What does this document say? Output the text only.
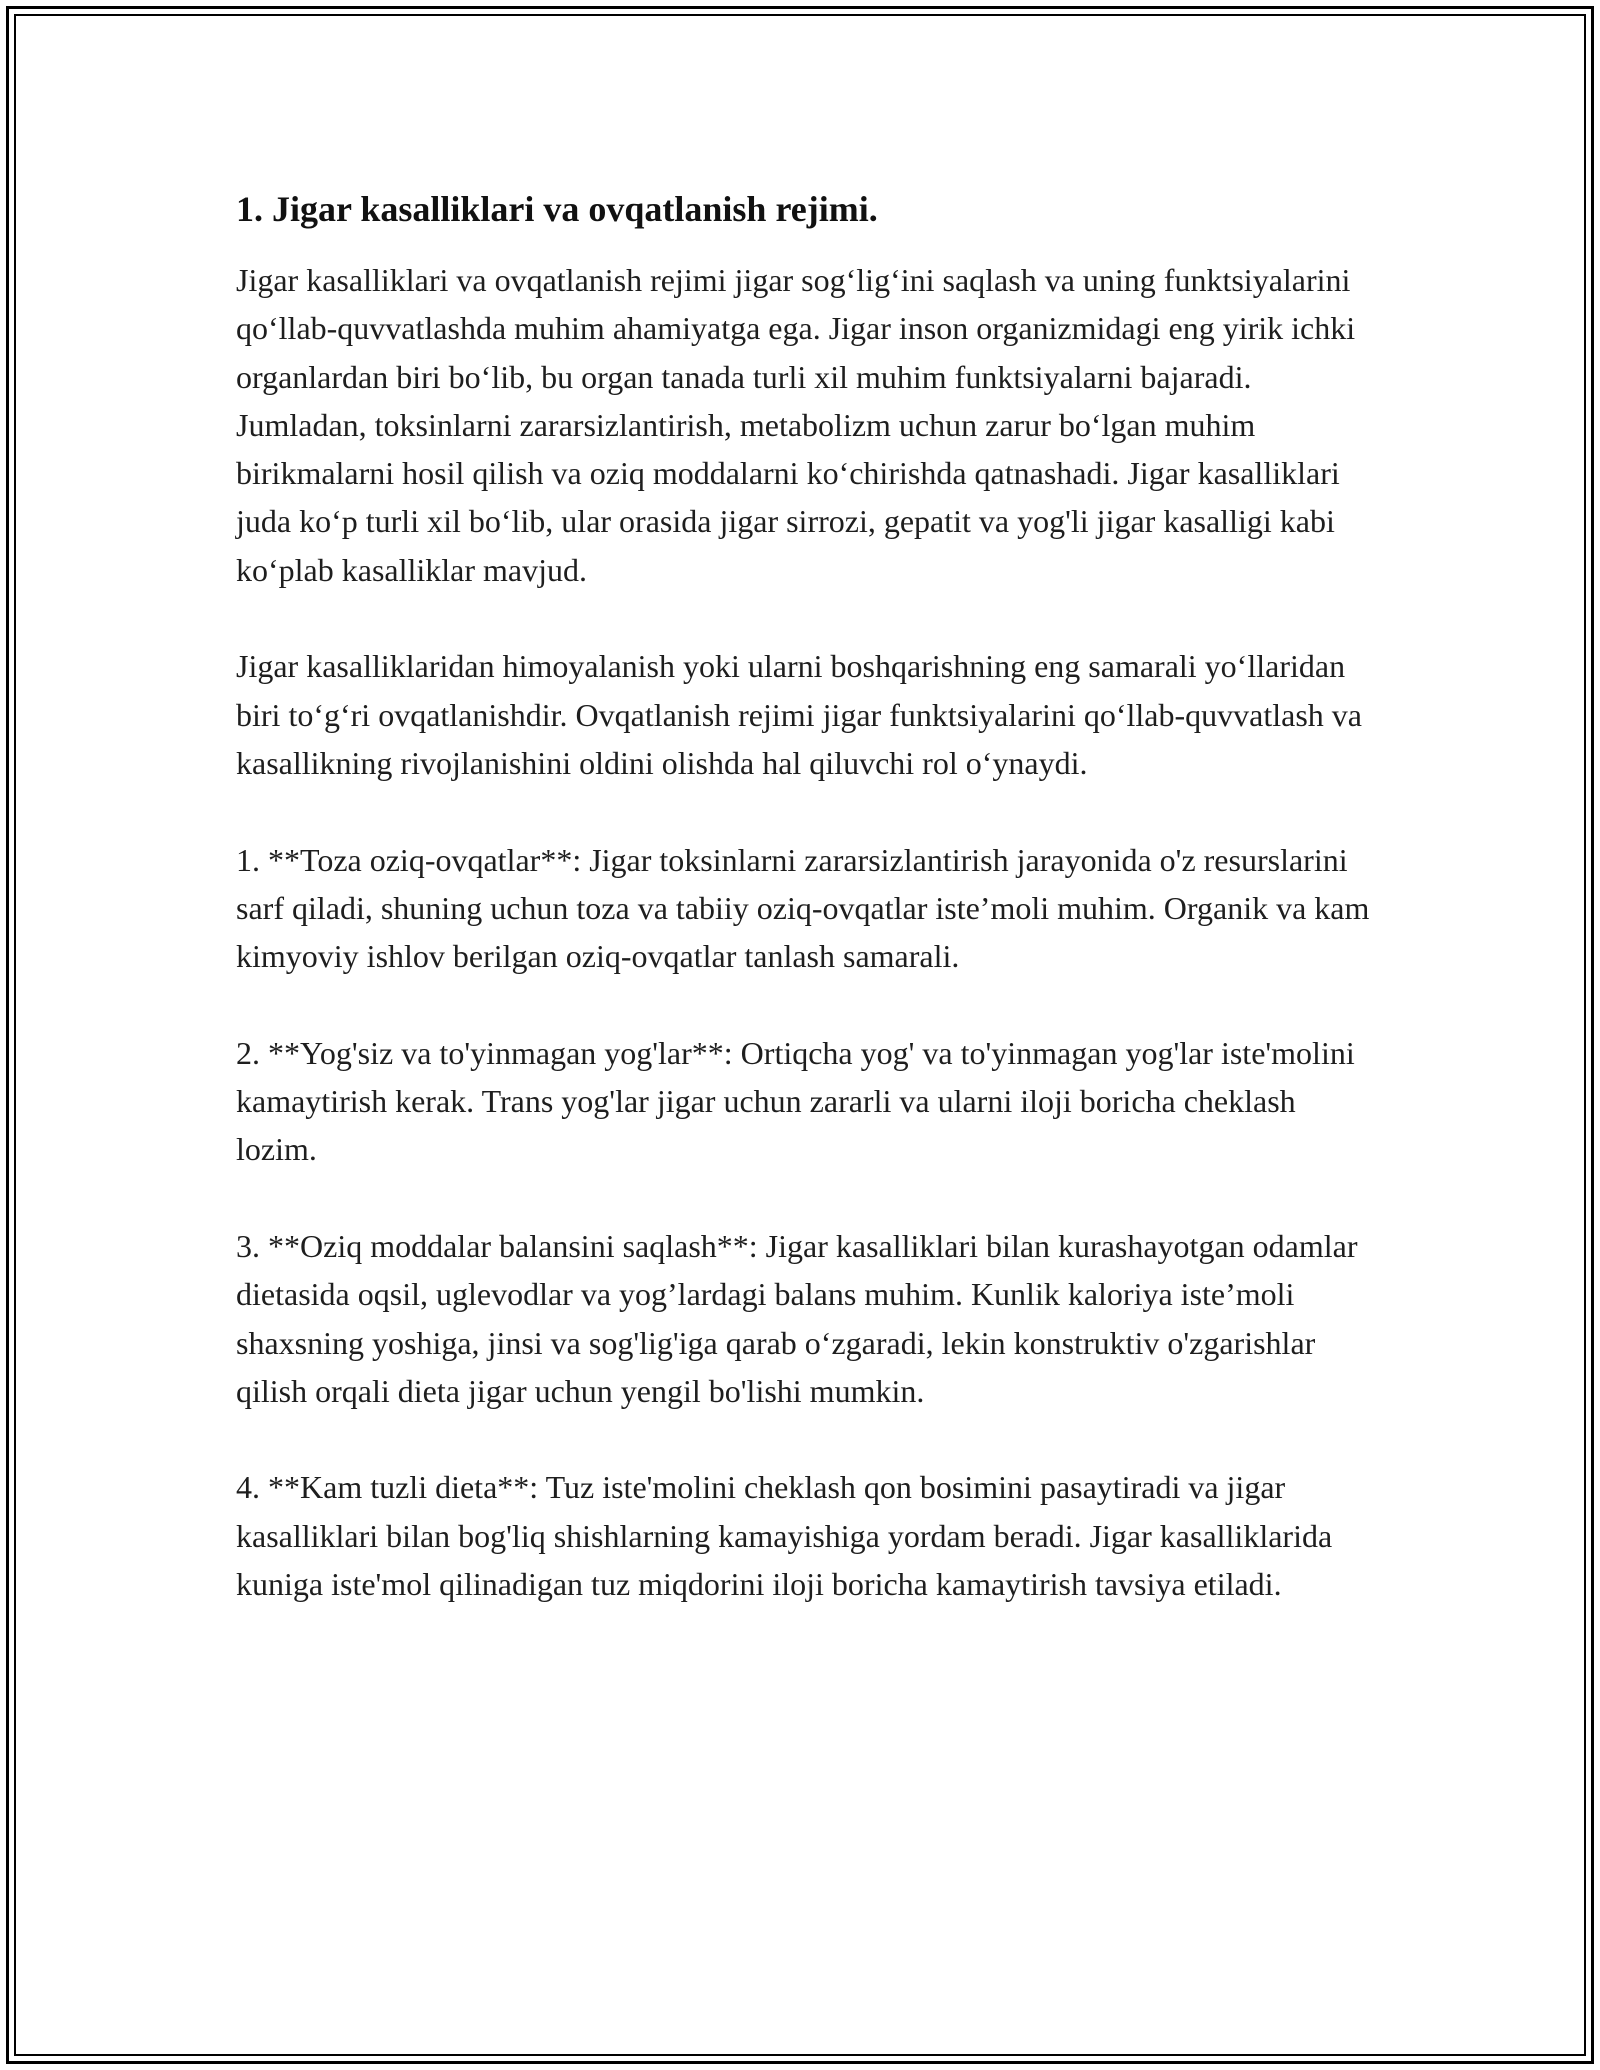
1. Jigar kasalliklari va ovqatlanish rejimi.

Jigar kasalliklari va ovqatlanish rejimi jigar sog‘lig‘ini saqlash va uning funktsiyalarini qo‘llab-quvvatlashda muhim ahamiyatga ega. Jigar inson organizmidagi eng yirik ichki organlardan biri bo‘lib, bu organ tanada turli xil muhim funktsiyalarni bajaradi. Jumladan, toksinlarni zararsizlantirish, metabolizm uchun zarur bo‘lgan muhim birikmalarni hosil qilish va oziq moddalarni ko‘chirishda qatnashadi. Jigar kasalliklari juda ko‘p turli xil bo‘lib, ular orasida jigar sirrozi, gepatit va yog'li jigar kasalligi kabi ko‘plab kasalliklar mavjud.

Jigar kasalliklaridan himoyalanish yoki ularni boshqarishning eng samarali yo‘llaridan biri to‘g‘ri ovqatlanishdir. Ovqatlanish rejimi jigar funktsiyalarini qo‘llab-quvvatlash va kasallikning rivojlanishini oldini olishda hal qiluvchi rol o‘ynaydi.

1. **Toza oziq-ovqatlar**: Jigar toksinlarni zararsizlantirish jarayonida o'z resurslarini sarf qiladi, shuning uchun toza va tabiiy oziq-ovqatlar iste’moli muhim. Organik va kam kimyoviy ishlov berilgan oziq-ovqatlar tanlash samarali.

2. **Yog'siz va to'yinmagan yog'lar**: Ortiqcha yog' va to'yinmagan yog'lar iste'molini kamaytirish kerak. Trans yog'lar jigar uchun zararli va ularni iloji boricha cheklash lozim.

3. **Oziq moddalar balansini saqlash**: Jigar kasalliklari bilan kurashayotgan odamlar dietasida oqsil, uglevodlar va yog’lardagi balans muhim. Kunlik kaloriya iste’moli shaxsning yoshiga, jinsi va sog'lig'iga qarab o‘zgaradi, lekin konstruktiv o'zgarishlar qilish orqali dieta jigar uchun yengil bo'lishi mumkin.

4. **Kam tuzli dieta**: Tuz iste'molini cheklash qon bosimini pasaytiradi va jigar kasalliklari bilan bog'liq shishlarning kamayishiga yordam beradi. Jigar kasalliklarida kuniga iste'mol qilinadigan tuz miqdorini iloji boricha kamaytirish tavsiya etiladi.
